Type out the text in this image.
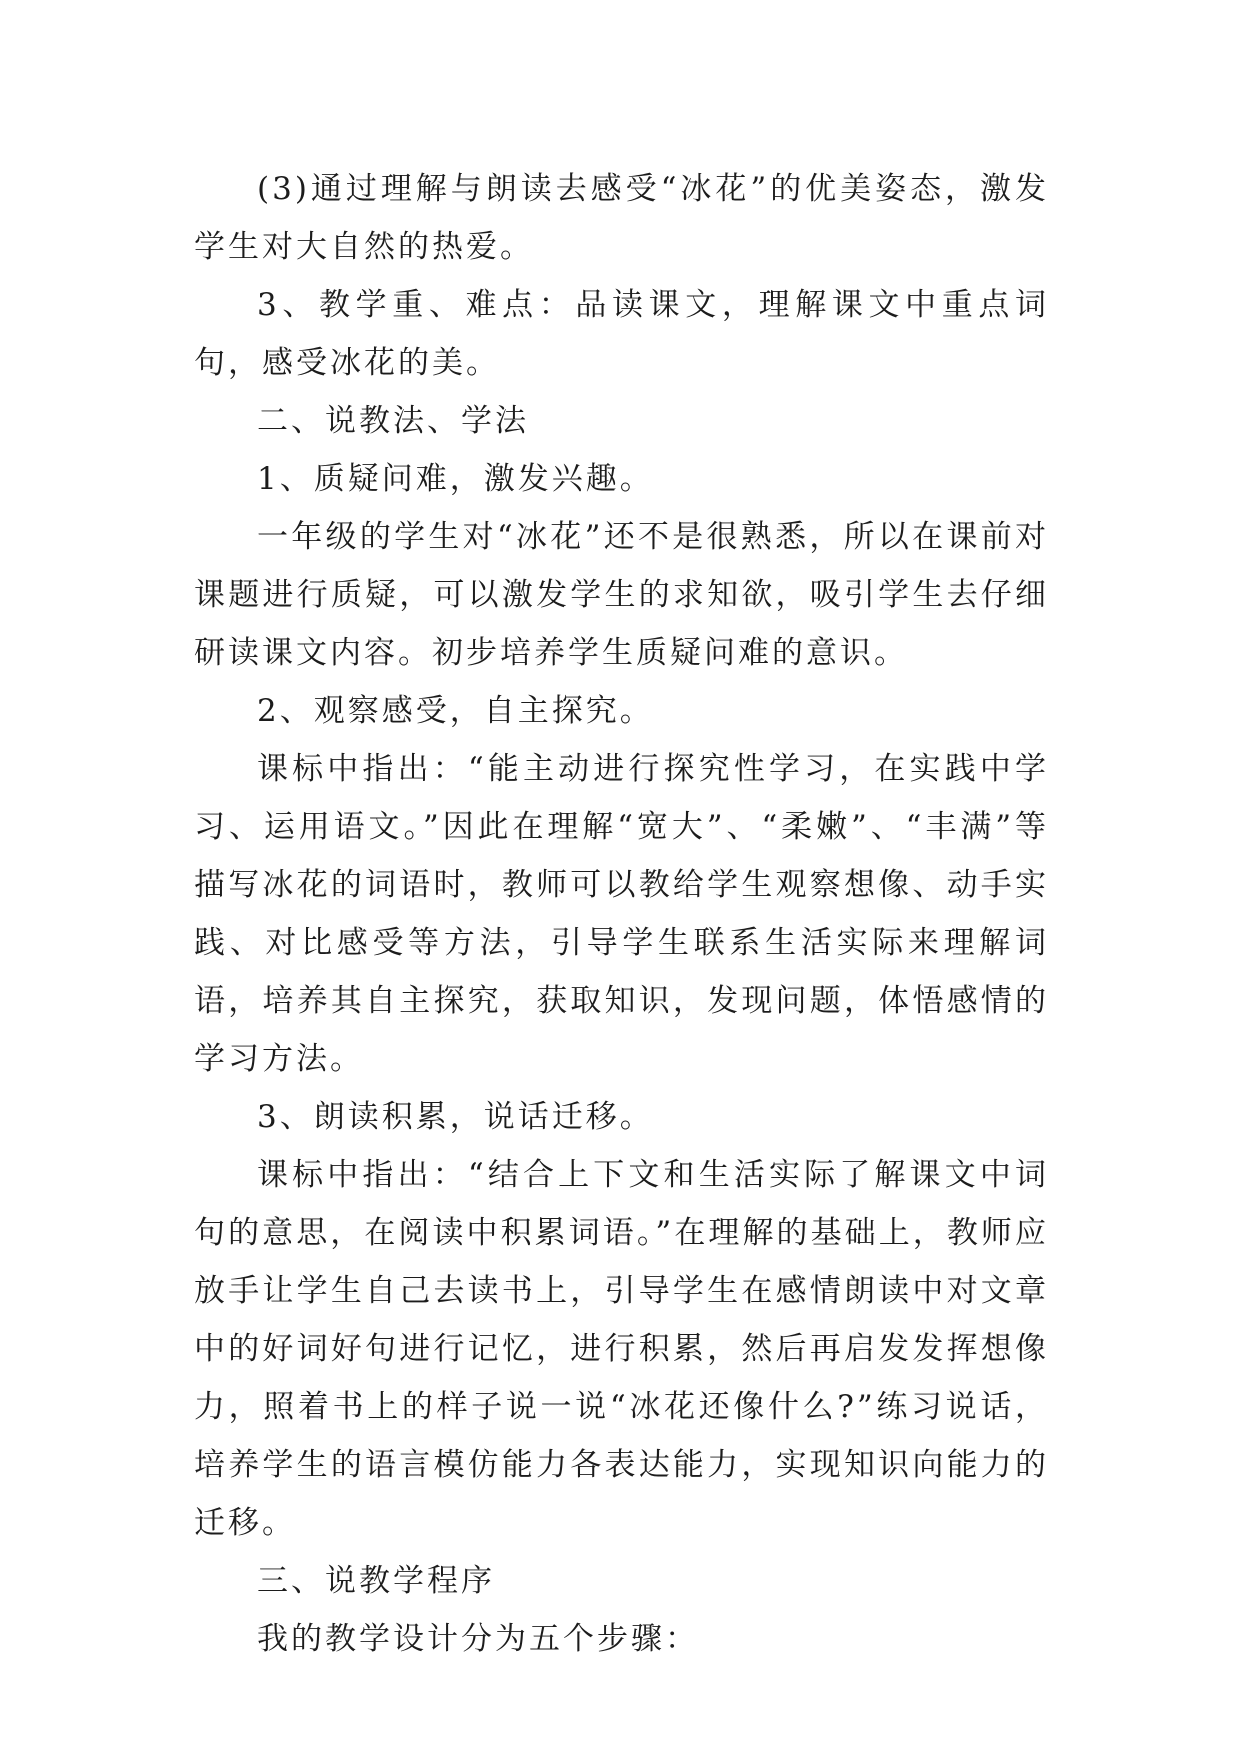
(3)通过理解与朗读去感受“冰花”的优美姿态，激发学生对大自然的热爱。

3、教学重、难点：品读课文，理解课文中重点词句，感受冰花的美。

二、说教法、学法

1、质疑问难，激发兴趣。

一年级的学生对“冰花”还不是很熟悉，所以在课前对课题进行质疑，可以激发学生的求知欲，吸引学生去仔细研读课文内容。初步培养学生质疑问难的意识。

2、观察感受，自主探究。

课标中指出：“能主动进行探究性学习，在实践中学习、运用语文。”因此在理解“宽大”、“柔嫩”、“丰满”等描写冰花的词语时，教师可以教给学生观察想像、动手实践、对比感受等方法，引导学生联系生活实际来理解词语，培养其自主探究，获取知识，发现问题，体悟感情的学习方法。

3、朗读积累，说话迁移。

课标中指出：“结合上下文和生活实际了解课文中词句的意思，在阅读中积累词语。”在理解的基础上，教师应放手让学生自己去读书上，引导学生在感情朗读中对文章中的好词好句进行记忆，进行积累，然后再启发发挥想像力，照着书上的样子说一说“冰花还像什么?”练习说话，培养学生的语言模仿能力各表达能力，实现知识向能力的迁移。

三、说教学程序

我的教学设计分为五个步骤：
